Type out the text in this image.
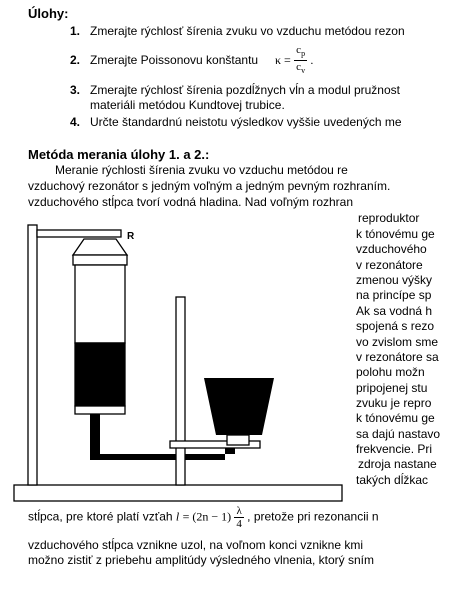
Úlohy:
1. Zmerajte rýchlosť šírenia zvuku vo vzduchu metódou rezon
2. Zmerajte Poissonovu konštantu $\kappa = \frac{c_p}{c_v}$ .
3. Zmerajte rýchlosť šírenia pozdĺžnych vĺn a modul pružnost
materiáli metódou Kundtovej trubice.
4. Určte štandardnú neistotu výsledkov vyššie uvedených me
Metóda merania úlohy 1. a 2.:
Meranie rýchlosti šírenia zvuku vo vzduchu metódou re
vzduchový rezonátor s jedným voľným a jedným pevným rozhraním.
vzduchového stĺpca tvorí vodná hladina. Nad voľným rozhran
reproduktor
k tónovému ge
vzduchového
v rezonátore
zmenou výšky
na princípe sp
Ak sa vodná h
spojená s rezo
vo zvislom sme
v rezonátore sa
polohu možn
pripojenej stu
zvuku je repro
k tónovému ge
sa dajú nastavo
frekvencie. Pri
zdroja nastane
takých dĺžkac
R
stĺpca, pre ktoré platí vzťah $l = (2n - 1) \frac{\lambda}{4}$ , pretože pri rezonancii n
vzduchového stĺpca vznikne uzol, na voľnom konci vznikne kmi
možno zistiť z priebehu amplitúdy výsledného vlnenia, ktorý sním
